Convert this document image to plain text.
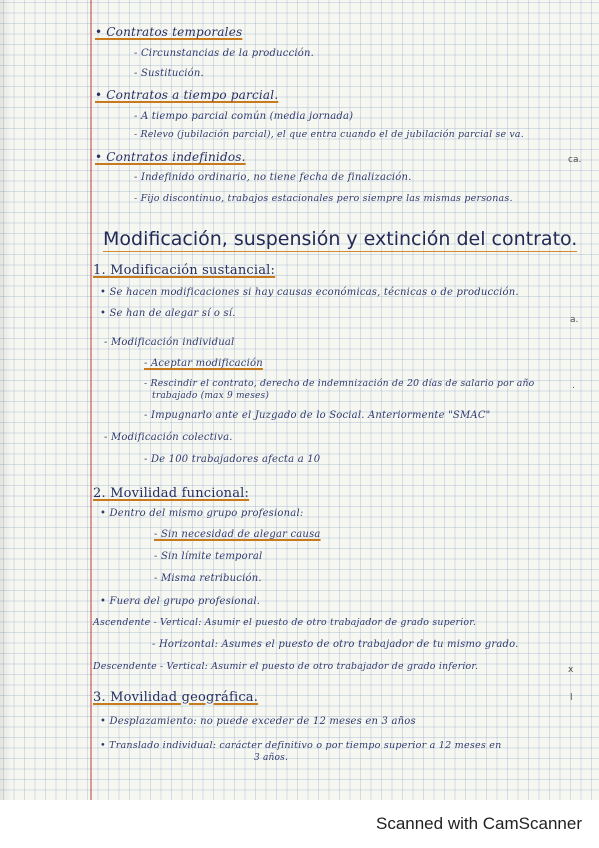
• Contratos temporales
- Circunstancias de la producción.
- Sustitución.
• Contratos a tiempo parcial.
- A tiempo parcial común (media jornada)
- Relevo (jubilación parcial), el que entra cuando el de jubilación parcial se va.
• Contratos indefinidos.
- Indefinido ordinario, no tiene fecha de finalización.
- Fijo discontinuo, trabajos estacionales pero siempre las mismas personas.
Modificación, suspensión y extinción del contrato.
1. Modificación sustancial:
• Se hacen modificaciones si hay causas económicas, técnicas o de producción.
• Se han de alegar sí o sí.
- Modificación individual
- Aceptar modificación
- Rescindir el contrato, derecho de indemnización de 20 días de salario por año
trabajado (max 9 meses)
- Impugnarlo ante el Juzgado de lo Social. Anteriormente "SMAC"
- Modificación colectiva.
- De 100 trabajadores afecta a 10
2. Movilidad funcional:
• Dentro del mismo grupo profesional:
- Sin necesidad de alegar causa
- Sin límite temporal
- Misma retribución.
• Fuera del grupo profesional.
Ascendente - Vertical: Asumir el puesto de otro trabajador de grado superior.
- Horizontal: Asumes el puesto de otro trabajador de tu mismo grado.
Descendente - Vertical: Asumir el puesto de otro trabajador de grado inferior.
3. Movilidad geográfica.
• Desplazamiento: no puede exceder de 12 meses en 3 años
• Translado individual: carácter definitivo o por tiempo superior a 12 meses en
3 años.
ca.
a.
.
x
l
Scanned with CamScanner
